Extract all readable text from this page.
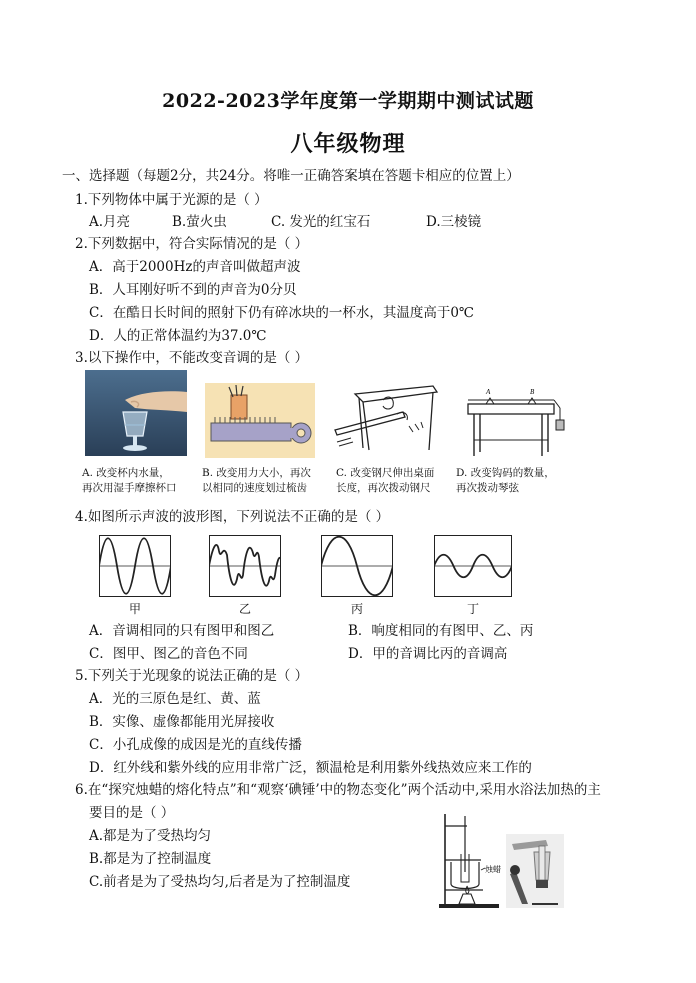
2022-2023学年度第一学期期中测试试题
八年级物理
一、选择题（每题2分，共24分。将唯一正确答案填在答题卡相应的位置上）
1.下列物体中属于光源的是（ ）
A.月亮	B.萤火虫	C. 发光的红宝石	D.三棱镜
2.下列数据中，符合实际情况的是（ ）
A．高于2000Hz的声音叫做超声波
B．人耳刚好听不到的声音为0分贝
C．在酷日长时间的照射下仍有碎冰块的一杯水，其温度高于0℃
D．人的正常体温约为37.0℃
3.以下操作中，不能改变音调的是（ ）
A	B
A. 改变杯内水量，
再次用湿手摩擦杯口
B. 改变用力大小，再次
以相同的速度划过梳齿
C. 改变钢尺伸出桌面
长度，再次拨动钢尺
D. 改变钩码的数量，
再次拨动琴弦
4.如图所示声波的波形图，下列说法不正确的是（ ）
甲	乙	丙	丁
A．音调相同的只有图甲和图乙	B．响度相同的有图甲、乙、丙
C．图甲、图乙的音色不同	D．甲的音调比丙的音调高
5.下列关于光现象的说法正确的是（ ）
A．光的三原色是红、黄、蓝
B．实像、虚像都能用光屏接收
C．小孔成像的成因是光的直线传播
D．红外线和紫外线的应用非常广泛，额温枪是利用紫外线热效应来工作的
6.在“探究烛蜡的熔化特点”和“观察‘碘锤’中的物态变化”两个活动中,采用水浴法加热的主
要目的是（ ）
A.都是为了受热均匀
B.都是为了控制温度
C.前者是为了受热均匀,后者是为了控制温度
烛蜡
